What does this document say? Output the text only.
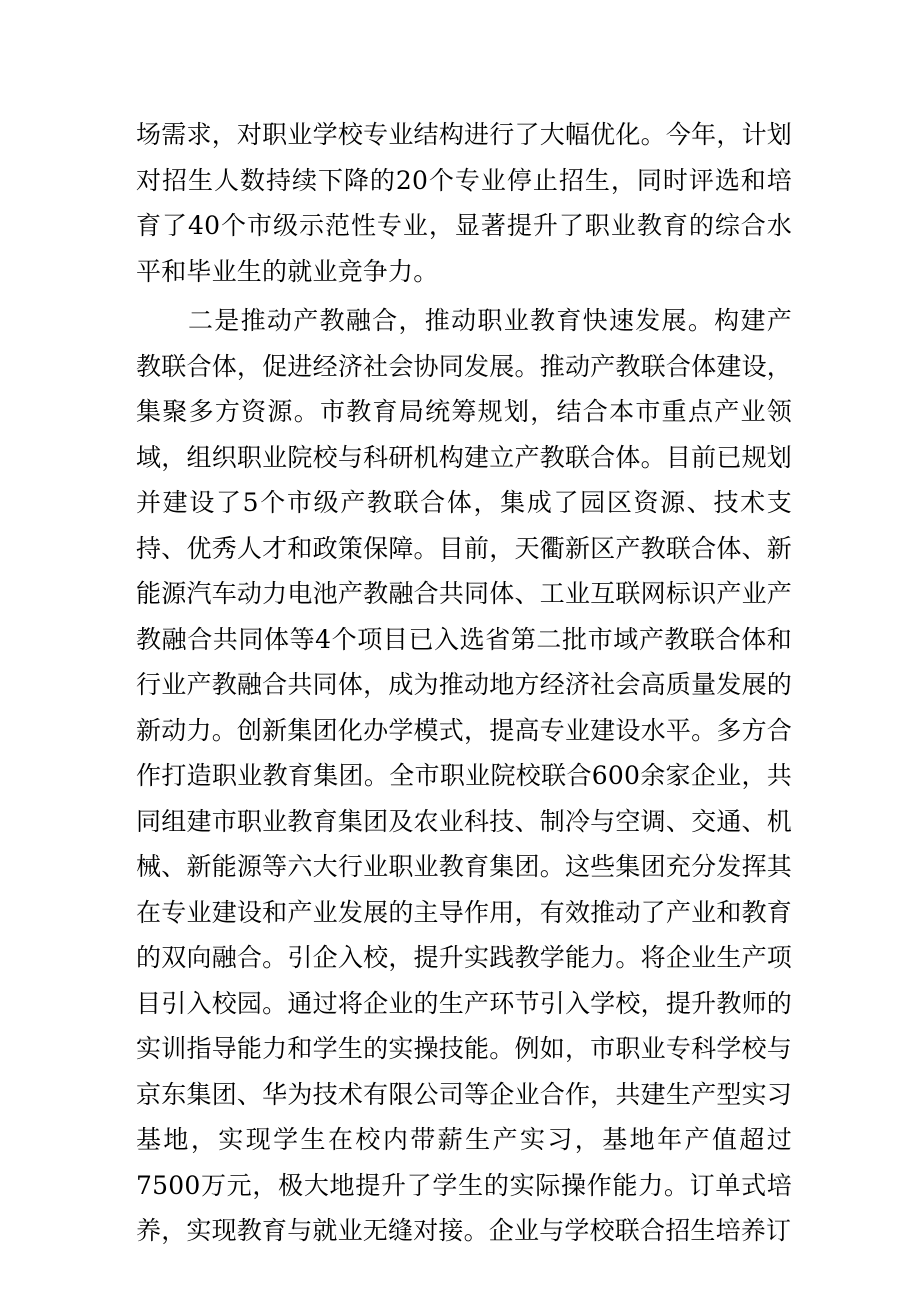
场需求，对职业学校专业结构进行了大幅优化。今年，计划对招生人数持续下降的20个专业停止招生，同时评选和培育了40个市级示范性专业，显著提升了职业教育的综合水平和毕业生的就业竞争力。

二是推动产教融合，推动职业教育快速发展。构建产教联合体，促进经济社会协同发展。推动产教联合体建设，集聚多方资源。市教育局统筹规划，结合本市重点产业领域，组织职业院校与科研机构建立产教联合体。目前已规划并建设了5个市级产教联合体，集成了园区资源、技术支持、优秀人才和政策保障。目前，天衢新区产教联合体、新能源汽车动力电池产教融合共同体、工业互联网标识产业产教融合共同体等4个项目已入选省第二批市域产教联合体和行业产教融合共同体，成为推动地方经济社会高质量发展的新动力。创新集团化办学模式，提高专业建设水平。多方合作打造职业教育集团。全市职业院校联合600余家企业，共同组建市职业教育集团及农业科技、制冷与空调、交通、机械、新能源等六大行业职业教育集团。这些集团充分发挥其在专业建设和产业发展的主导作用，有效推动了产业和教育的双向融合。引企入校，提升实践教学能力。将企业生产项目引入校园。通过将企业的生产环节引入学校，提升教师的实训指导能力和学生的实操技能。例如，市职业专科学校与京东集团、华为技术有限公司等企业合作，共建生产型实习基地，实现学生在校内带薪生产实习，基地年产值超过7500万元，极大地提升了学生的实际操作能力。订单式培养，实现教育与就业无缝对接。企业与学校联合招生培养订
